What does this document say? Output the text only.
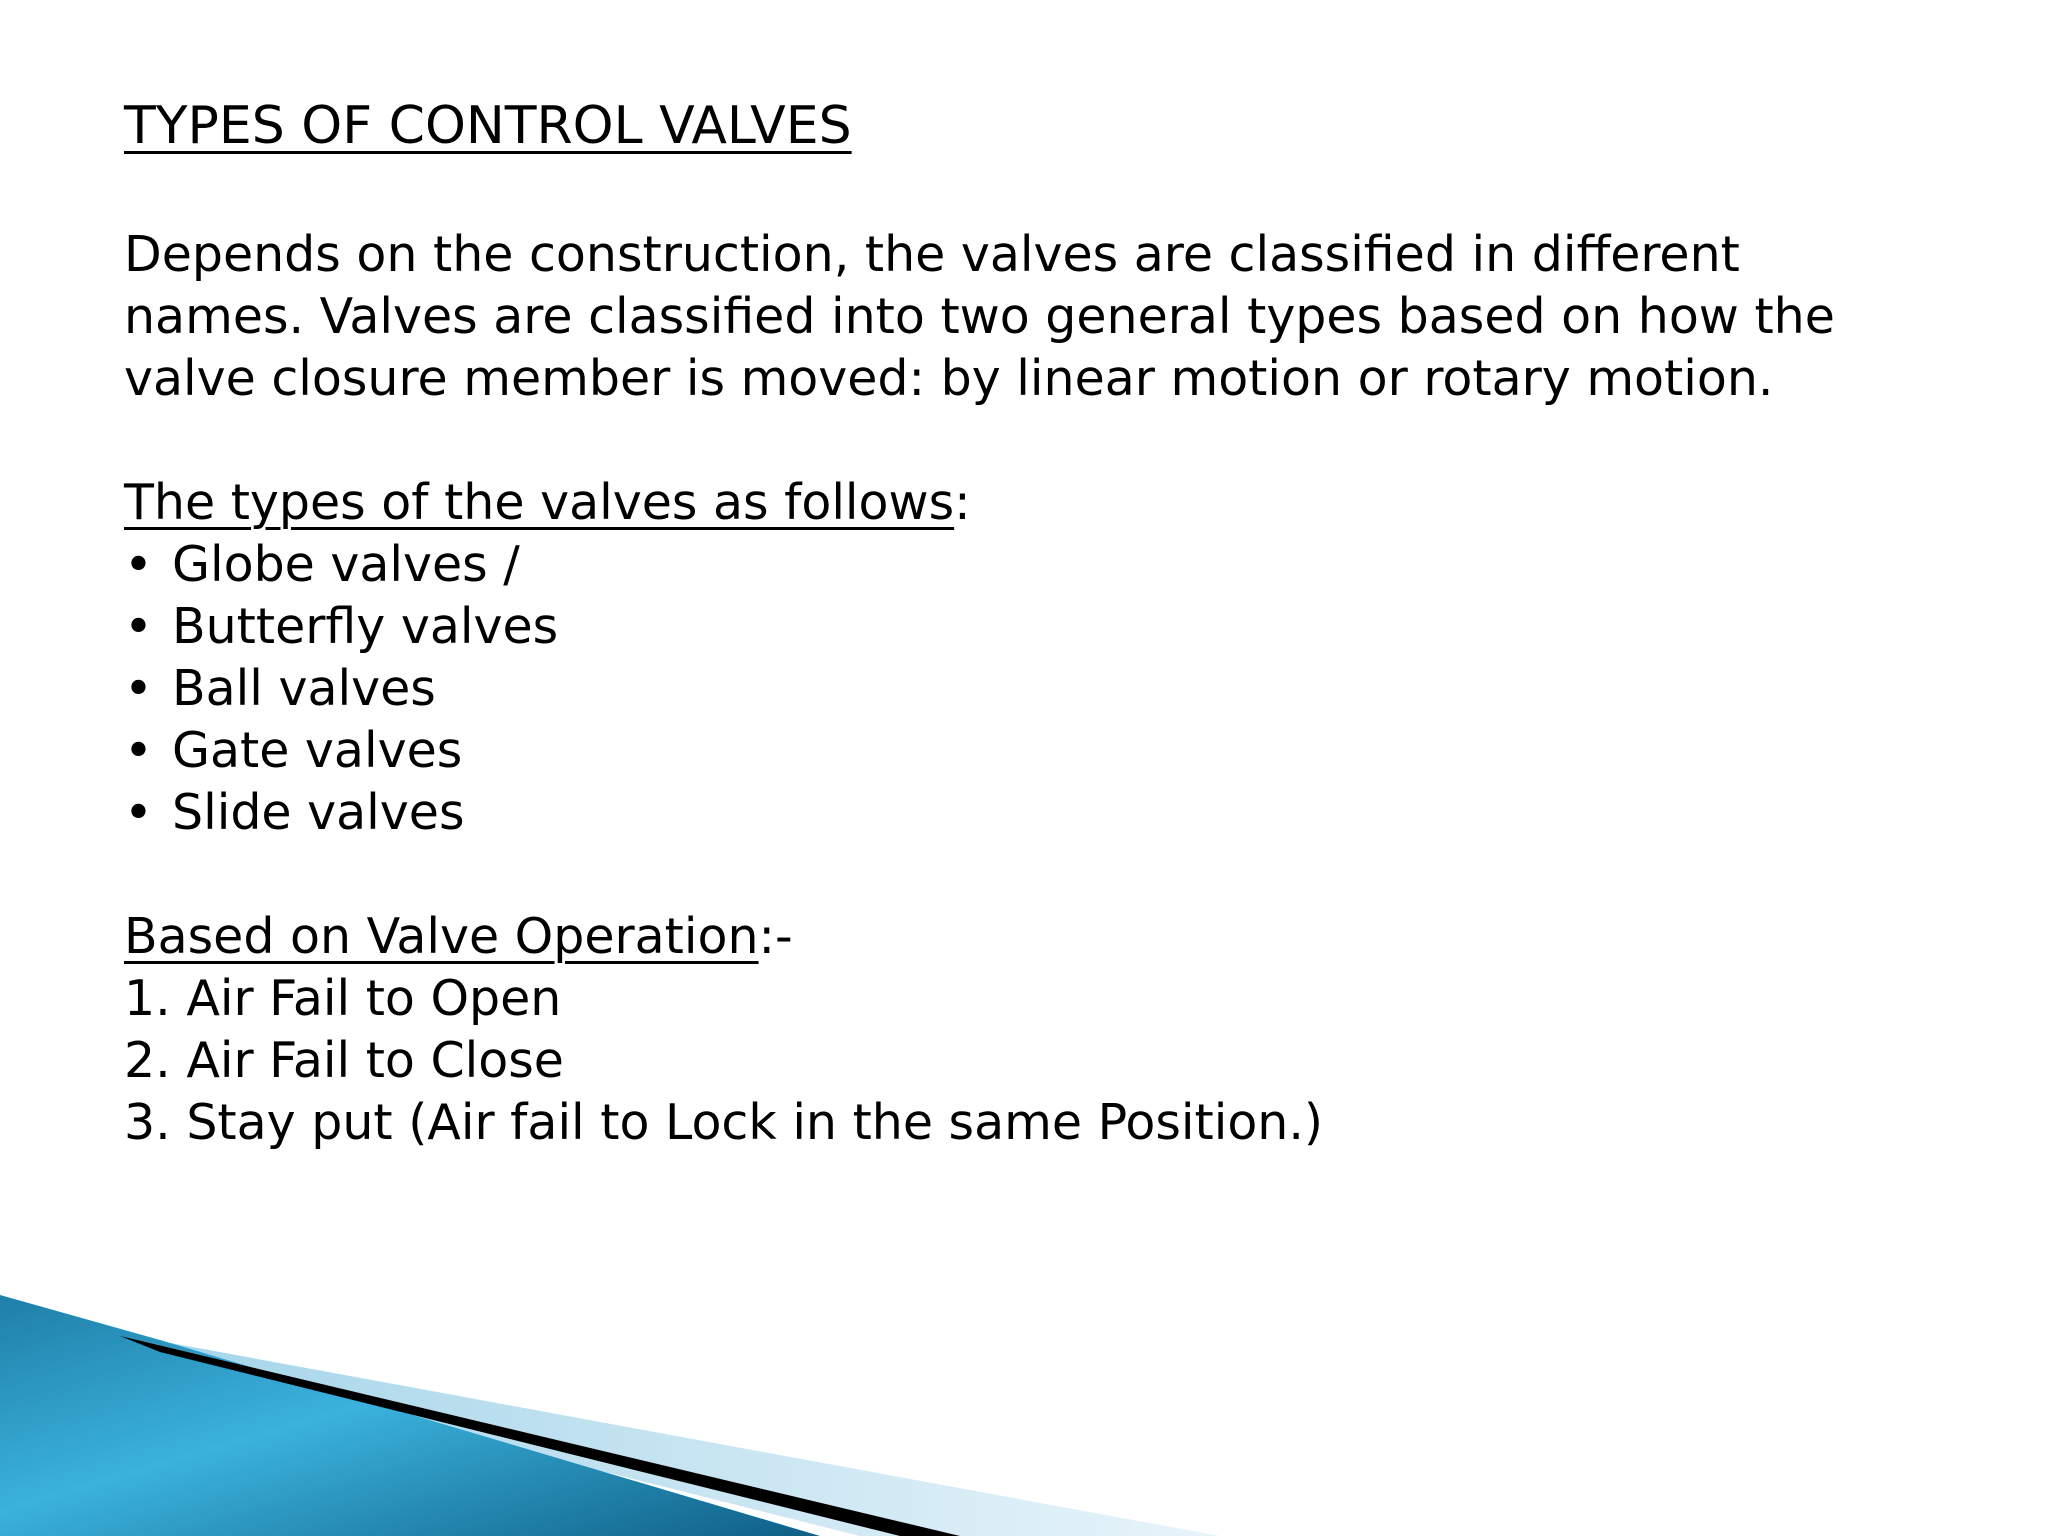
TYPES OF CONTROL VALVES

Depends on the construction, the valves are classified in different names. Valves are classified into two general types based on how the valve closure member is moved: by linear motion or rotary motion.

The types of the valves as follows:
• Globe valves /
• Butterfly valves
• Ball valves
• Gate valves
• Slide valves
Based on Valve Operation:-
1. Air Fail to Open
2. Air Fail to Close
3. Stay put (Air fail to Lock in the same Position.)
